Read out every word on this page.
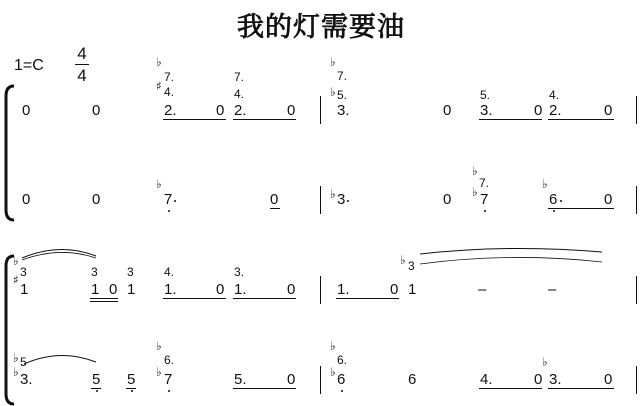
我的灯需要油
1=C
4
4
♭
7.
♯ 4.
7.
4.
♭
7.
♭ 5.	5.	4.
0	0	2.	0 2.	0	3.	0 3.	0 2.	0
♭
♭
♭
7.
♭
♭
0	0	7	0	3	0 7	6	0
♭
3
♯
3 3	4.	3.
♭ 3
1	1 0 1 1.	0 1.	0	1.	0 1	–	–
♭ 5
♭
♭
6.
♭
♭
6.
♭
♭
3.	5 5 7	5.	0	6	6	4.	0 3.	0
